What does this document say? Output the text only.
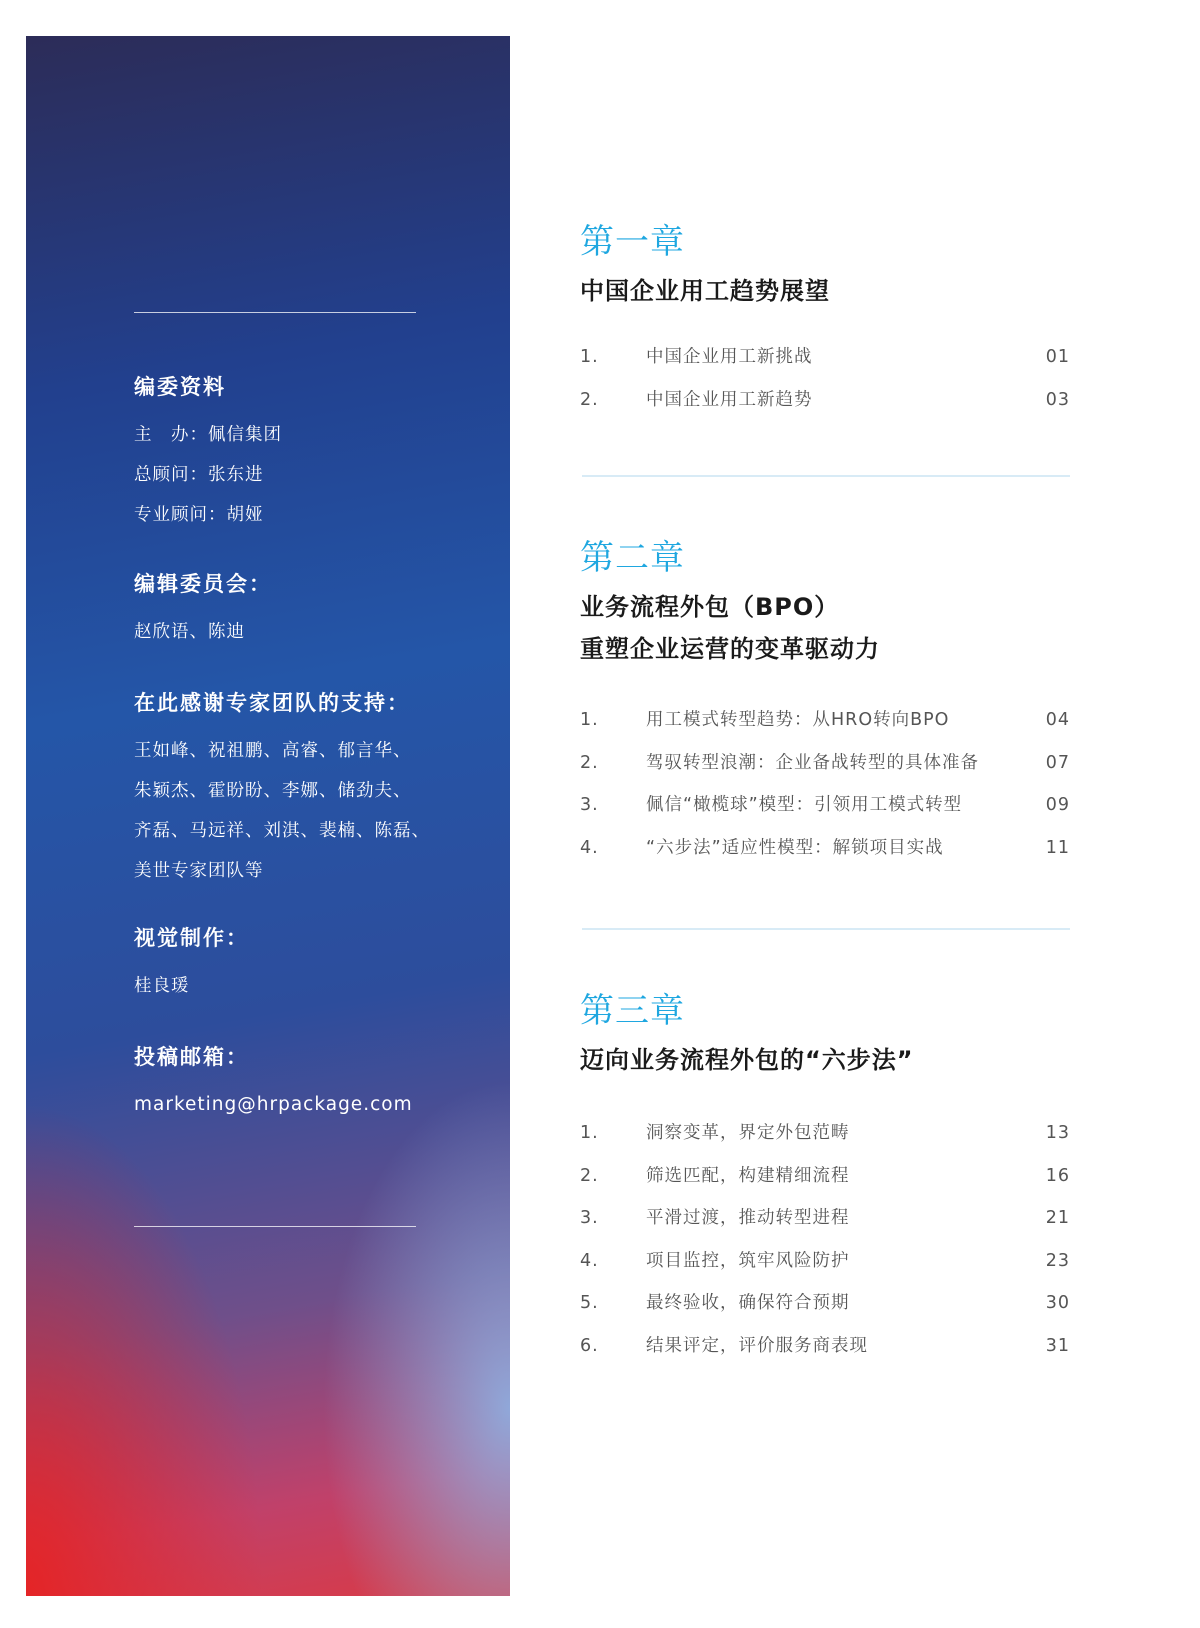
编委资料
主　办：佩信集团
总顾问：张东进
专业顾问：胡娅
编辑委员会：
赵欣语、陈迪
在此感谢专家团队的支持：
王如峰、祝祖鹏、高睿、郁言华、
朱颖杰、霍盼盼、李娜、储劲夫、
齐磊、马远祥、刘淇、裴楠、陈磊、
美世专家团队等
视觉制作：
桂良瑗
投稿邮箱：
marketing@hrpackage.com
第一章
中国企业用工趋势展望
1.	中国企业用工新挑战	01
2.	中国企业用工新趋势	03
第二章
业务流程外包（BPO）
重塑企业运营的变革驱动力
1.	用工模式转型趋势：从HRO转向BPO	04
2.	驾驭转型浪潮：企业备战转型的具体准备	07
3.	佩信“橄榄球”模型：引领用工模式转型	09
4.	“六步法”适应性模型：解锁项目实战	11
第三章
迈向业务流程外包的“六步法”
1.	洞察变革，界定外包范畴	13
2.	筛选匹配，构建精细流程	16
3.	平滑过渡，推动转型进程	21
4.	项目监控，筑牢风险防护	23
5.	最终验收，确保符合预期	30
6.	结果评定，评价服务商表现	31
